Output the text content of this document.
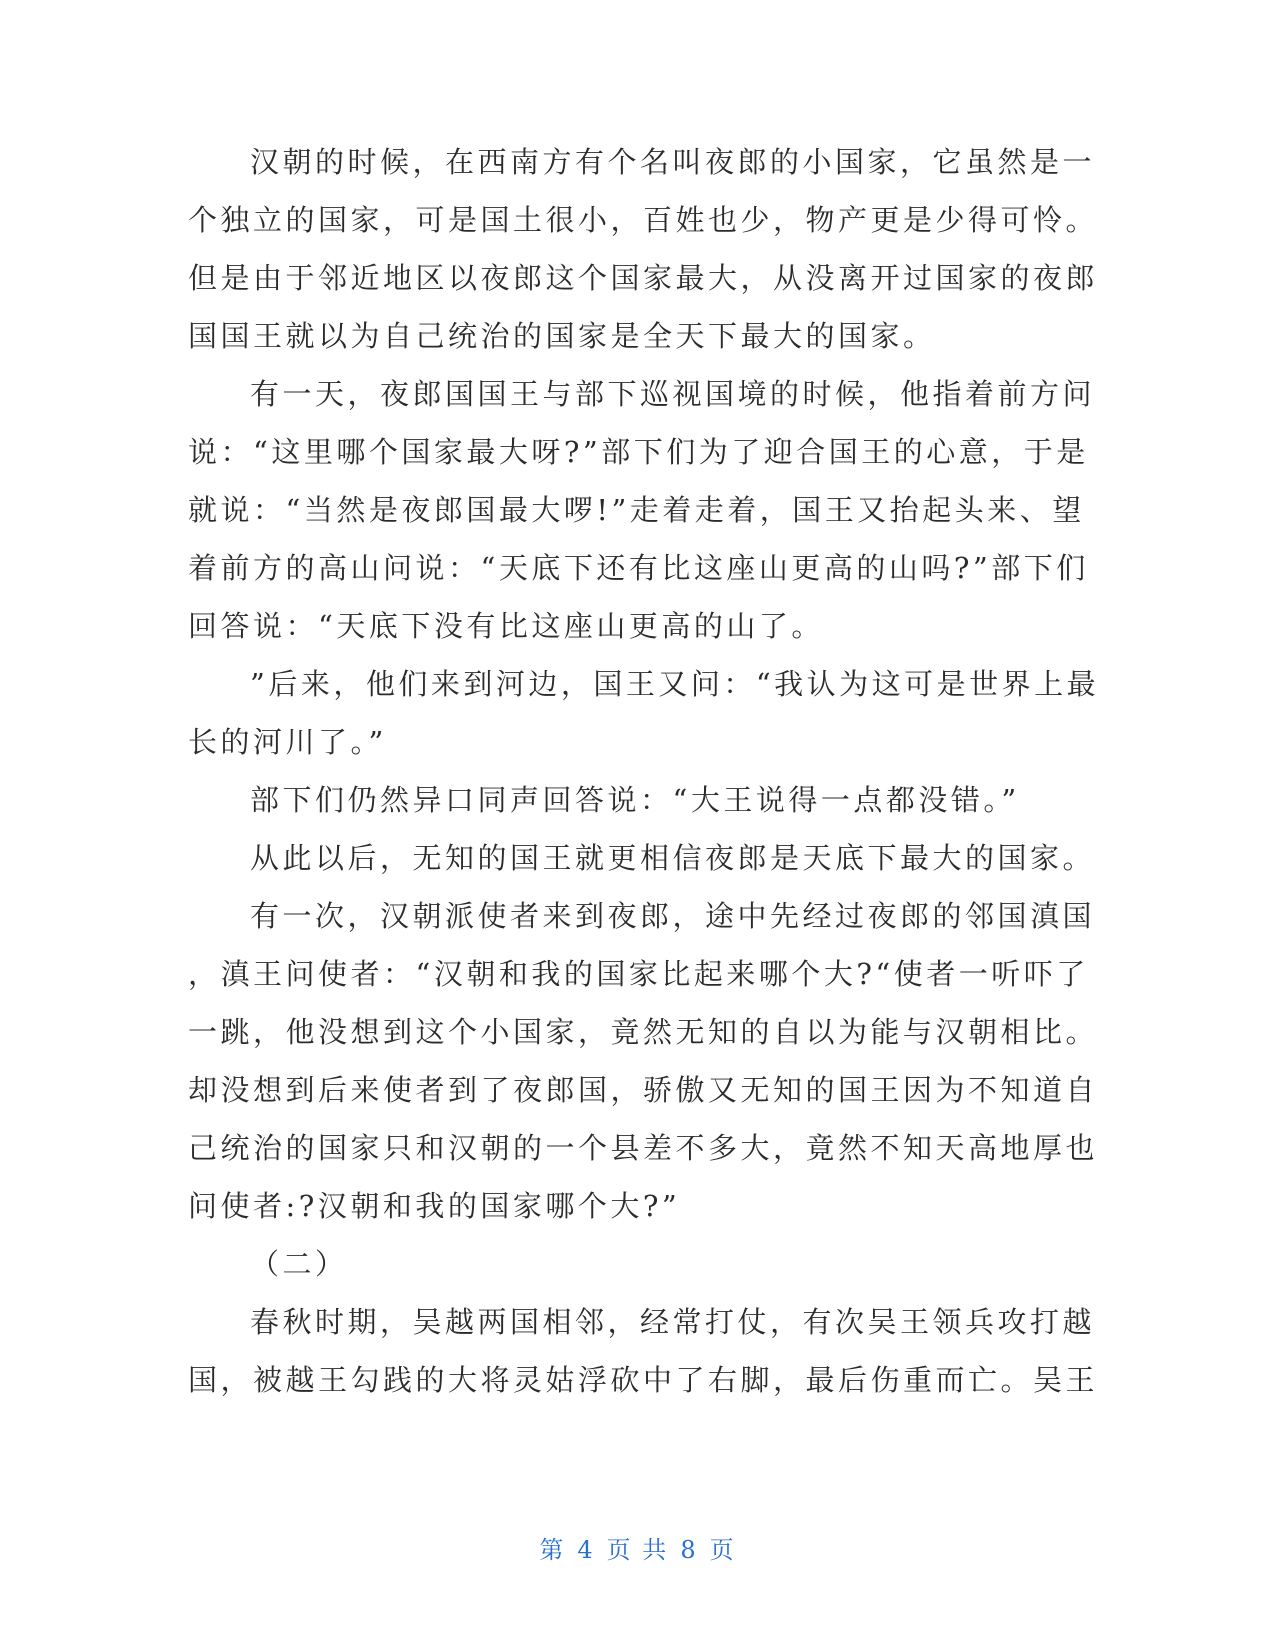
汉朝的时候，在西南方有个名叫夜郎的小国家，它虽然是一
个独立的国家，可是国土很小，百姓也少，物产更是少得可怜。
但是由于邻近地区以夜郎这个国家最大，从没离开过国家的夜郎
国国王就以为自己统治的国家是全天下最大的国家。
有一天，夜郎国国王与部下巡视国境的时候，他指着前方问
说：“这里哪个国家最大呀?”部下们为了迎合国王的心意，于是
就说：“当然是夜郎国最大啰!”走着走着，国王又抬起头来、望
着前方的高山问说：“天底下还有比这座山更高的山吗?”部下们
回答说：“天底下没有比这座山更高的山了。
”后来，他们来到河边，国王又问：“我认为这可是世界上最
长的河川了。”
部下们仍然异口同声回答说：“大王说得一点都没错。”
从此以后，无知的国王就更相信夜郎是天底下最大的国家。
有一次，汉朝派使者来到夜郎，途中先经过夜郎的邻国滇国
，滇王问使者：“汉朝和我的国家比起来哪个大?“使者一听吓了
一跳，他没想到这个小国家，竟然无知的自以为能与汉朝相比。
却没想到后来使者到了夜郎国，骄傲又无知的国王因为不知道自
己统治的国家只和汉朝的一个县差不多大，竟然不知天高地厚也
问使者:?汉朝和我的国家哪个大?”
（二）
春秋时期，吴越两国相邻，经常打仗，有次吴王领兵攻打越
国，被越王勾践的大将灵姑浮砍中了右脚，最后伤重而亡。吴王
第 4 页 共 8 页
